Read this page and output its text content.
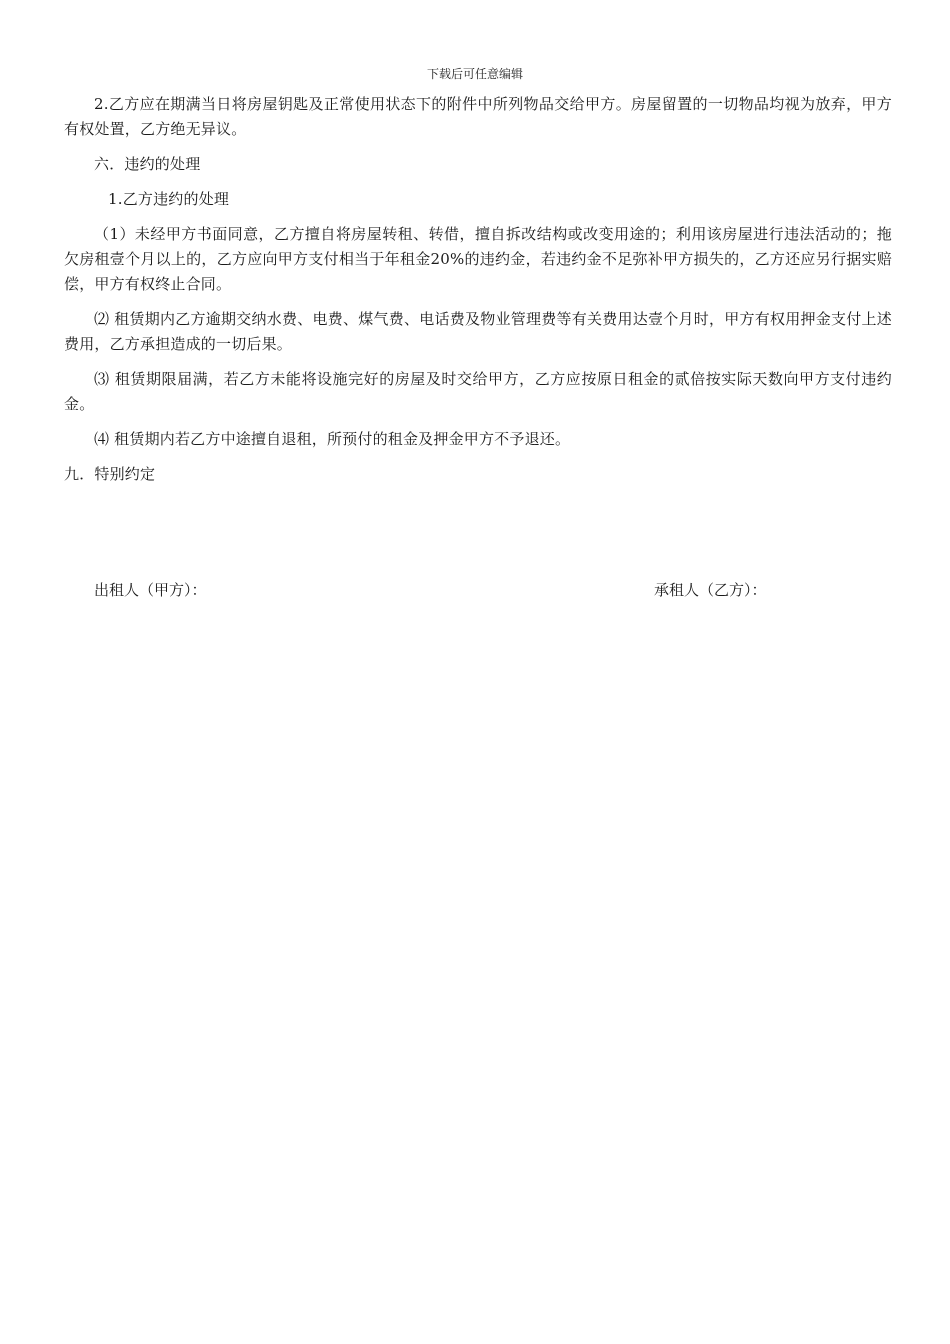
下载后可任意编辑

2.乙方应在期满当日将房屋钥匙及正常使用状态下的附件中所列物品交给甲方。房屋留置的一切物品均视为放弃，甲方有权处置，乙方绝无异议。

六．违约的处理

1.乙方违约的处理

（1）未经甲方书面同意，乙方擅自将房屋转租、转借，擅自拆改结构或改变用途的；利用该房屋进行违法活动的；拖欠房租壹个月以上的，乙方应向甲方支付相当于年租金20%的违约金，若违约金不足弥补甲方损失的，乙方还应另行据实赔偿，甲方有权终止合同。

⑵ 租赁期内乙方逾期交纳水费、电费、煤气费、电话费及物业管理费等有关费用达壹个月时，甲方有权用押金支付上述费用，乙方承担造成的一切后果。

⑶ 租赁期限届满，若乙方未能将设施完好的房屋及时交给甲方，乙方应按原日租金的贰倍按实际天数向甲方支付违约金。

⑷ 租赁期内若乙方中途擅自退租，所预付的租金及押金甲方不予退还。

九．特别约定

出租人（甲方）：	承租人（乙方）：
